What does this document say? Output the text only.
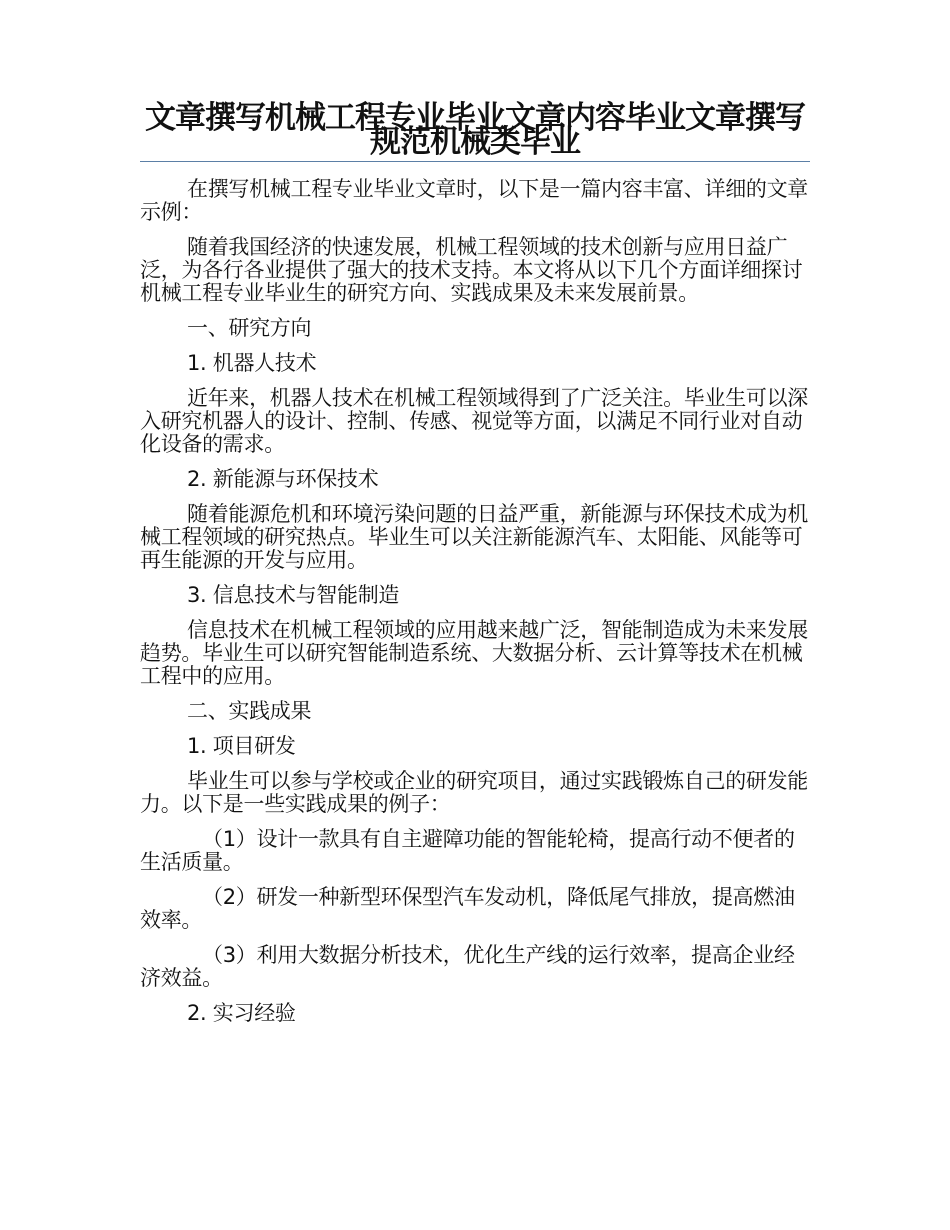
文章撰写机械工程专业毕业文章内容毕业文章撰写规范机械类毕业

在撰写机械工程专业毕业文章时，以下是一篇内容丰富、详细的文章示例：

随着我国经济的快速发展，机械工程领域的技术创新与应用日益广泛，为各行各业提供了强大的技术支持。本文将从以下几个方面详细探讨机械工程专业毕业生的研究方向、实践成果及未来发展前景。

一、研究方向

1. 机器人技术

近年来，机器人技术在机械工程领域得到了广泛关注。毕业生可以深入研究机器人的设计、控制、传感、视觉等方面，以满足不同行业对自动化设备的需求。

2. 新能源与环保技术

随着能源危机和环境污染问题的日益严重，新能源与环保技术成为机械工程领域的研究热点。毕业生可以关注新能源汽车、太阳能、风能等可再生能源的开发与应用。

3. 信息技术与智能制造

信息技术在机械工程领域的应用越来越广泛，智能制造成为未来发展趋势。毕业生可以研究智能制造系统、大数据分析、云计算等技术在机械工程中的应用。

二、实践成果

1. 项目研发

毕业生可以参与学校或企业的研究项目，通过实践锻炼自己的研发能力。以下是一些实践成果的例子：

（1）设计一款具有自主避障功能的智能轮椅，提高行动不便者的生活质量。

（2）研发一种新型环保型汽车发动机，降低尾气排放，提高燃油效率。

（3）利用大数据分析技术，优化生产线的运行效率，提高企业经济效益。

2. 实习经验
